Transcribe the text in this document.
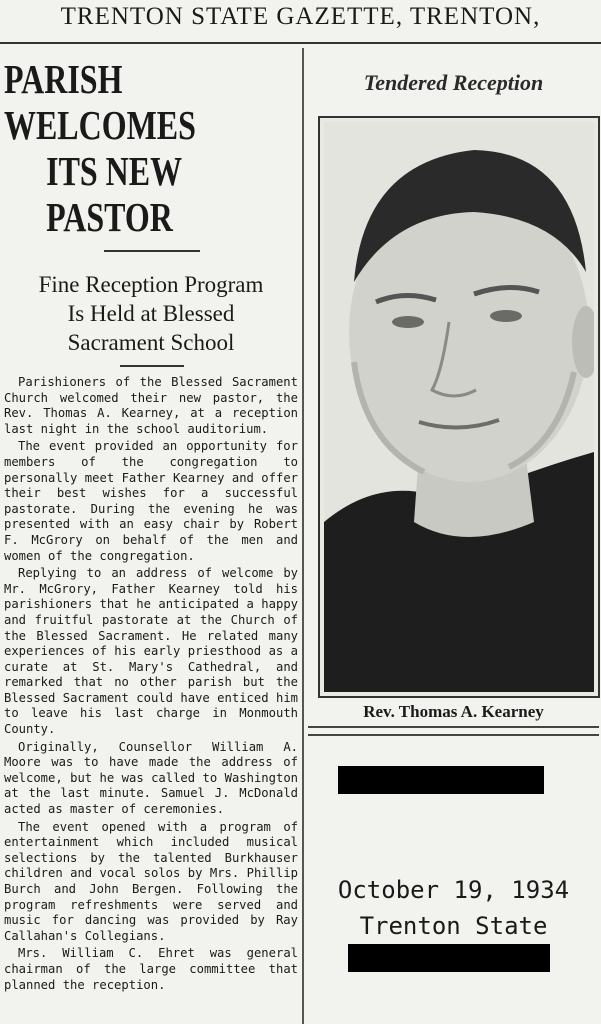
TRENTON STATE GAZETTE, TRENTON,
PARISH WELCOMES
ITS NEW PASTOR
Fine Reception Program
Is Held at Blessed
Sacrament School

Parishioners of the Blessed Sacrament Church welcomed their new pastor, the Rev. Thomas A. Kearney, at a reception last night in the school auditorium.

The event provided an opportunity for members of the congregation to personally meet Father Kearney and offer their best wishes for a successful pastorate. During the evening he was presented with an easy chair by Robert F. McGrory on behalf of the men and women of the congregation.

Replying to an address of welcome by Mr. McGrory, Father Kearney told his parishioners that he anticipated a happy and fruitful pastorate at the Church of the Blessed Sacrament. He related many experiences of his early priesthood as a curate at St. Mary's Cathedral, and remarked that no other parish but the Blessed Sacrament could have enticed him to leave his last charge in Monmouth County.

Originally, Counsellor William A. Moore was to have made the address of welcome, but he was called to Washington at the last minute. Samuel J. McDonald acted as master of ceremonies.

The event opened with a program of entertainment which included musical selections by the talented Burkhauser children and vocal solos by Mrs. Phillip Burch and John Bergen. Following the program refreshments were served and music for dancing was provided by Ray Callahan's Collegians.

Mrs. William C. Ehret was general chairman of the large committee that planned the reception.

Tendered Reception
Rev. Thomas A. Kearney
October 19, 1934
Trenton State
